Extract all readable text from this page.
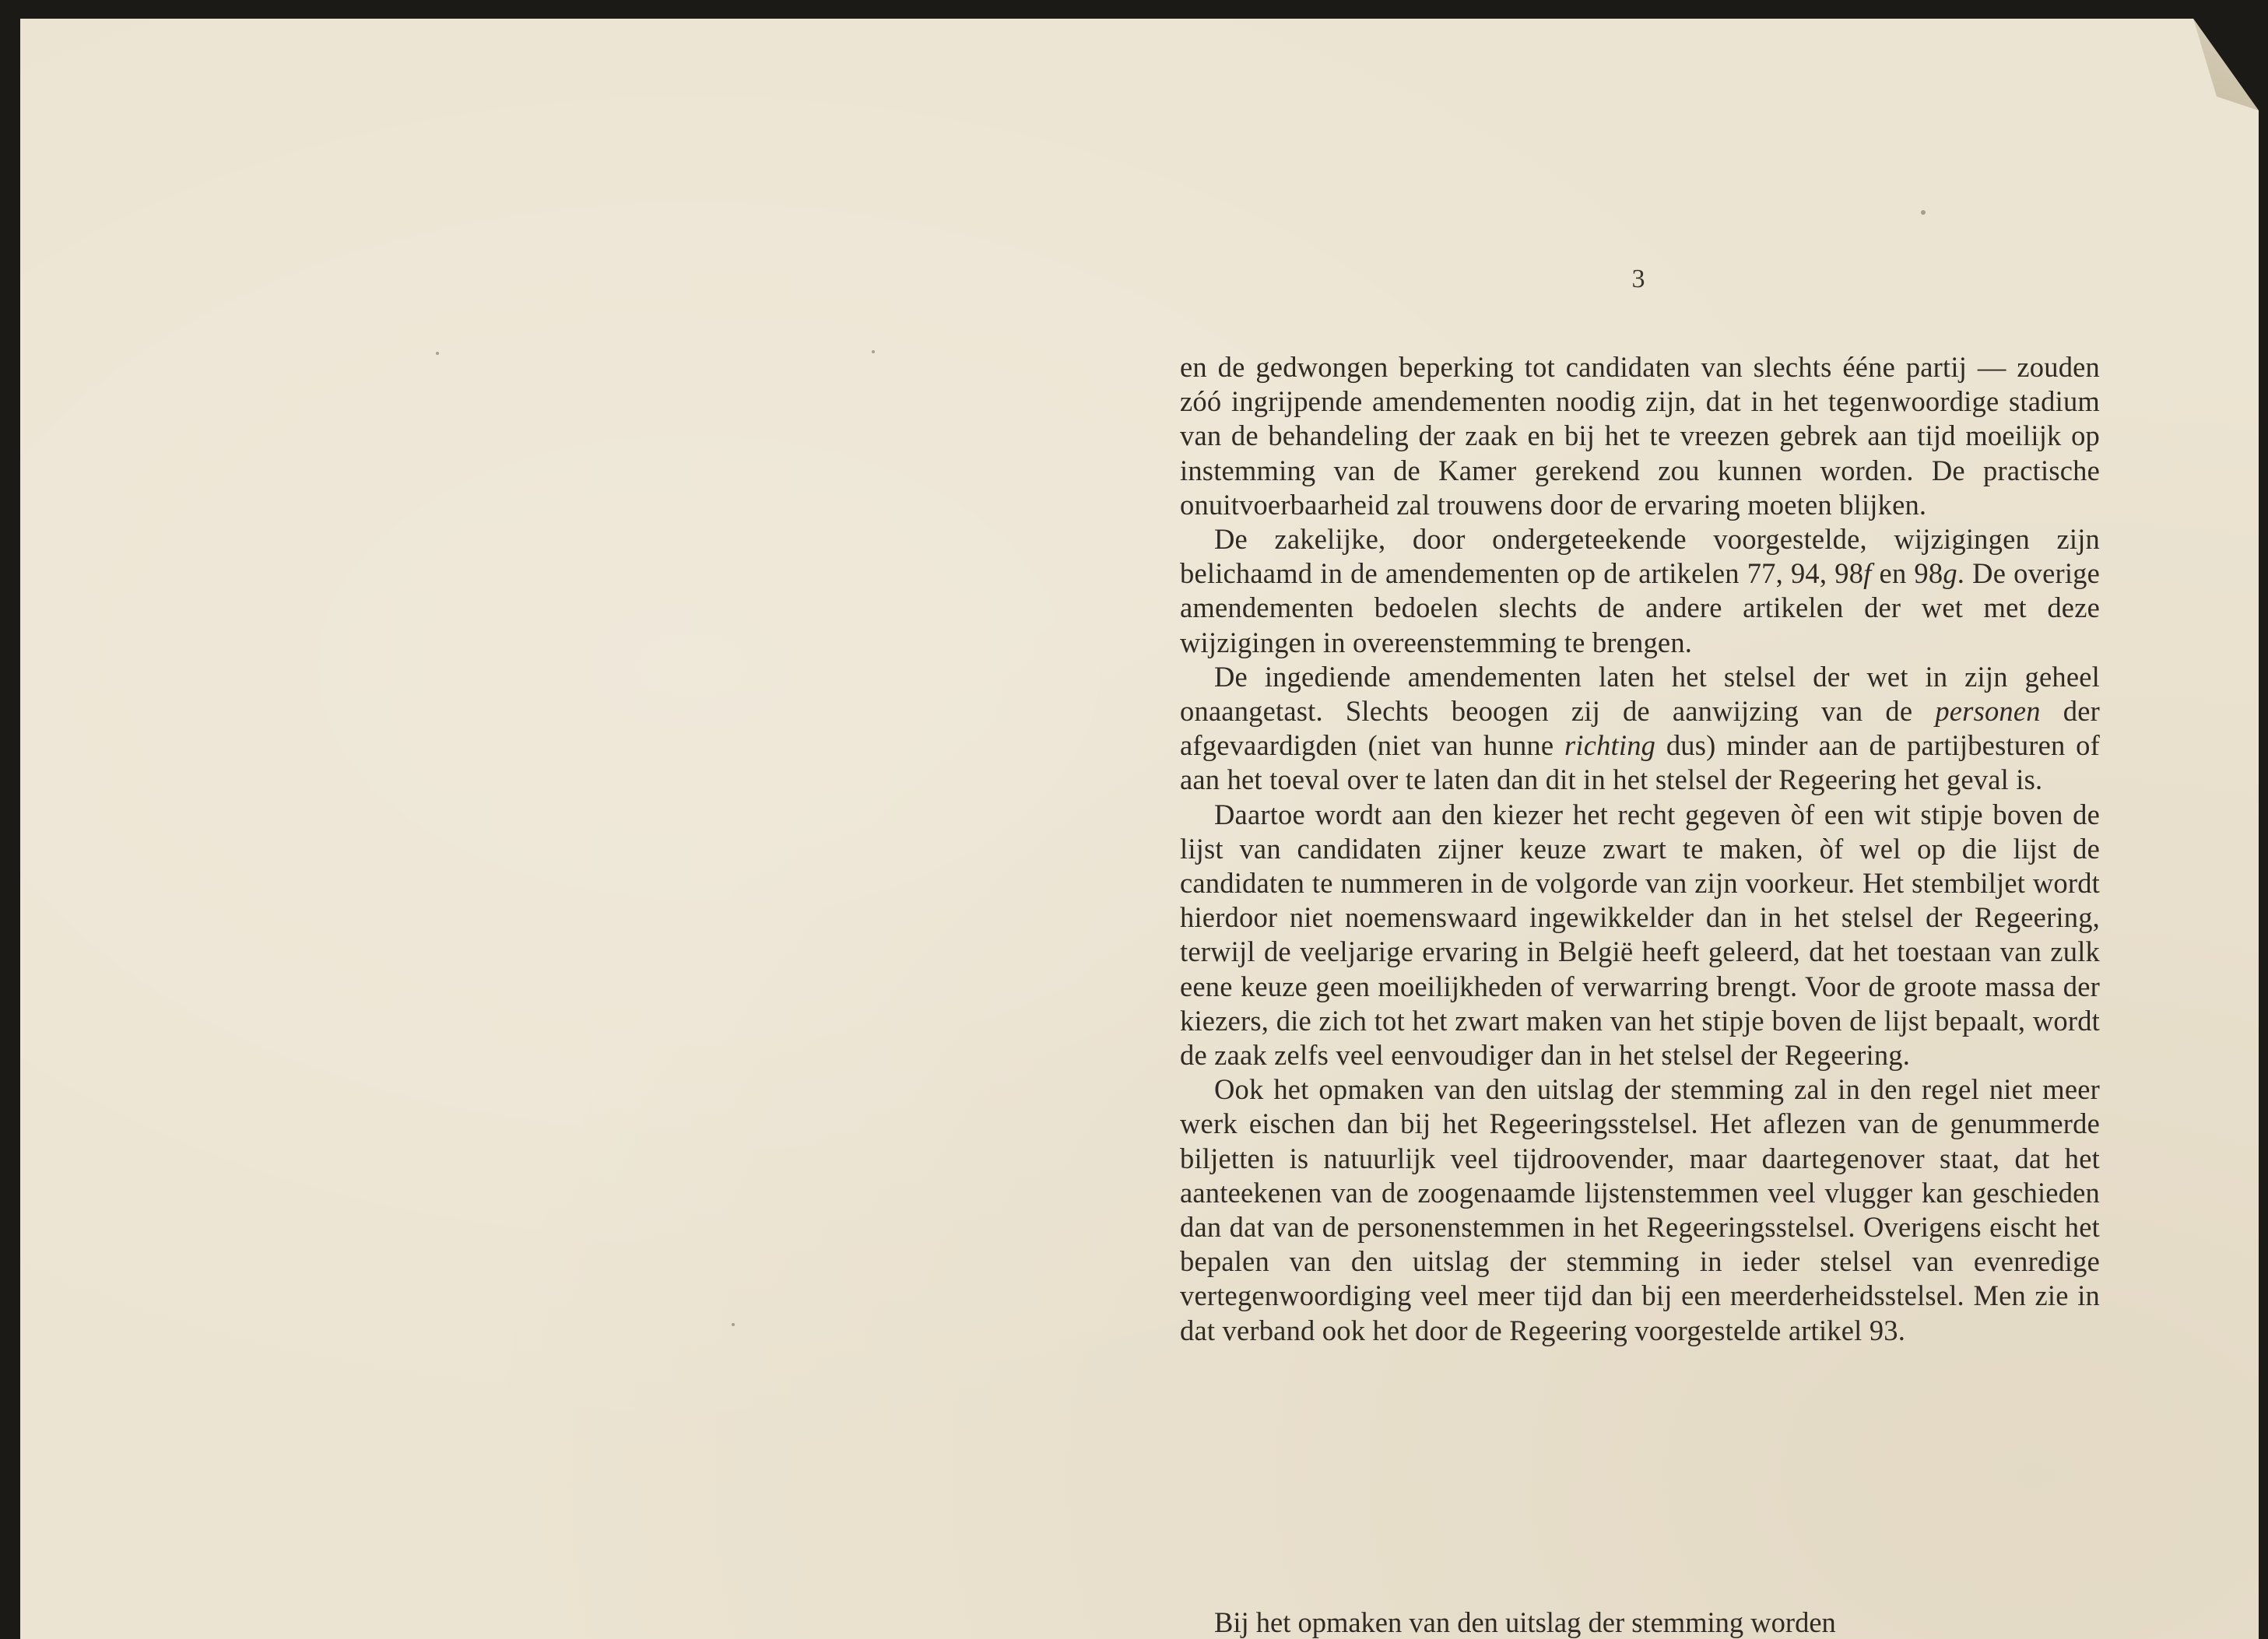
3

en de gedwongen beperking tot candidaten van slechts ééne partij — zouden zóó ingrijpende amendementen noodig zijn, dat in het tegenwoordige stadium van de behandeling der zaak en bij het te vreezen gebrek aan tijd moeilijk op instemming van de Kamer gerekend zou kunnen worden. De practische onuitvoerbaarheid zal trouwens door de ervaring moeten blijken.

De zakelijke, door ondergeteekende voorgestelde, wijzigingen zijn belichaamd in de amendementen op de artikelen 77, 94, 98f en 98g. De overige amendementen bedoelen slechts de andere artikelen der wet met deze wijzigingen in overeenstemming te brengen.

De ingediende amendementen laten het stelsel der wet in zijn geheel onaangetast. Slechts beoogen zij de aanwijzing van de personen der afgevaardigden (niet van hunne richting dus) minder aan de partijbesturen of aan het toeval over te laten dan dit in het stelsel der Regeering het geval is.

Daartoe wordt aan den kiezer het recht gegeven òf een wit stipje boven de lijst van candidaten zijner keuze zwart te maken, òf wel op die lijst de candidaten te nummeren in de volgorde van zijn voorkeur. Het stembiljet wordt hierdoor niet noemenswaard ingewikkelder dan in het stelsel der Regeering, terwijl de veeljarige ervaring in België heeft geleerd, dat het toestaan van zulk eene keuze geen moeilijkheden of verwarring brengt. Voor de groote massa der kiezers, die zich tot het zwart maken van het stipje boven de lijst bepaalt, wordt de zaak zelfs veel eenvoudiger dan in het stelsel der Regeering.

Ook het opmaken van den uitslag der stemming zal in den regel niet meer werk eischen dan bij het Regeeringsstelsel. Het aflezen van de genummerde biljetten is natuurlijk veel tijdroovender, maar daartegenover staat, dat het aanteekenen van de zoogenaamde lijstenstemmen veel vlugger kan geschieden dan dat van de personenstemmen in het Regeeringsstelsel. Overigens eischt het bepalen van den uitslag der stemming in ieder stelsel van evenredige vertegenwoordiging veel meer tijd dan bij een meerderheidsstelsel. Men zie in dat verband ook het door de Regeering voorgestelde artikel 93.

Bij het opmaken van den uitslag der stemming worden
